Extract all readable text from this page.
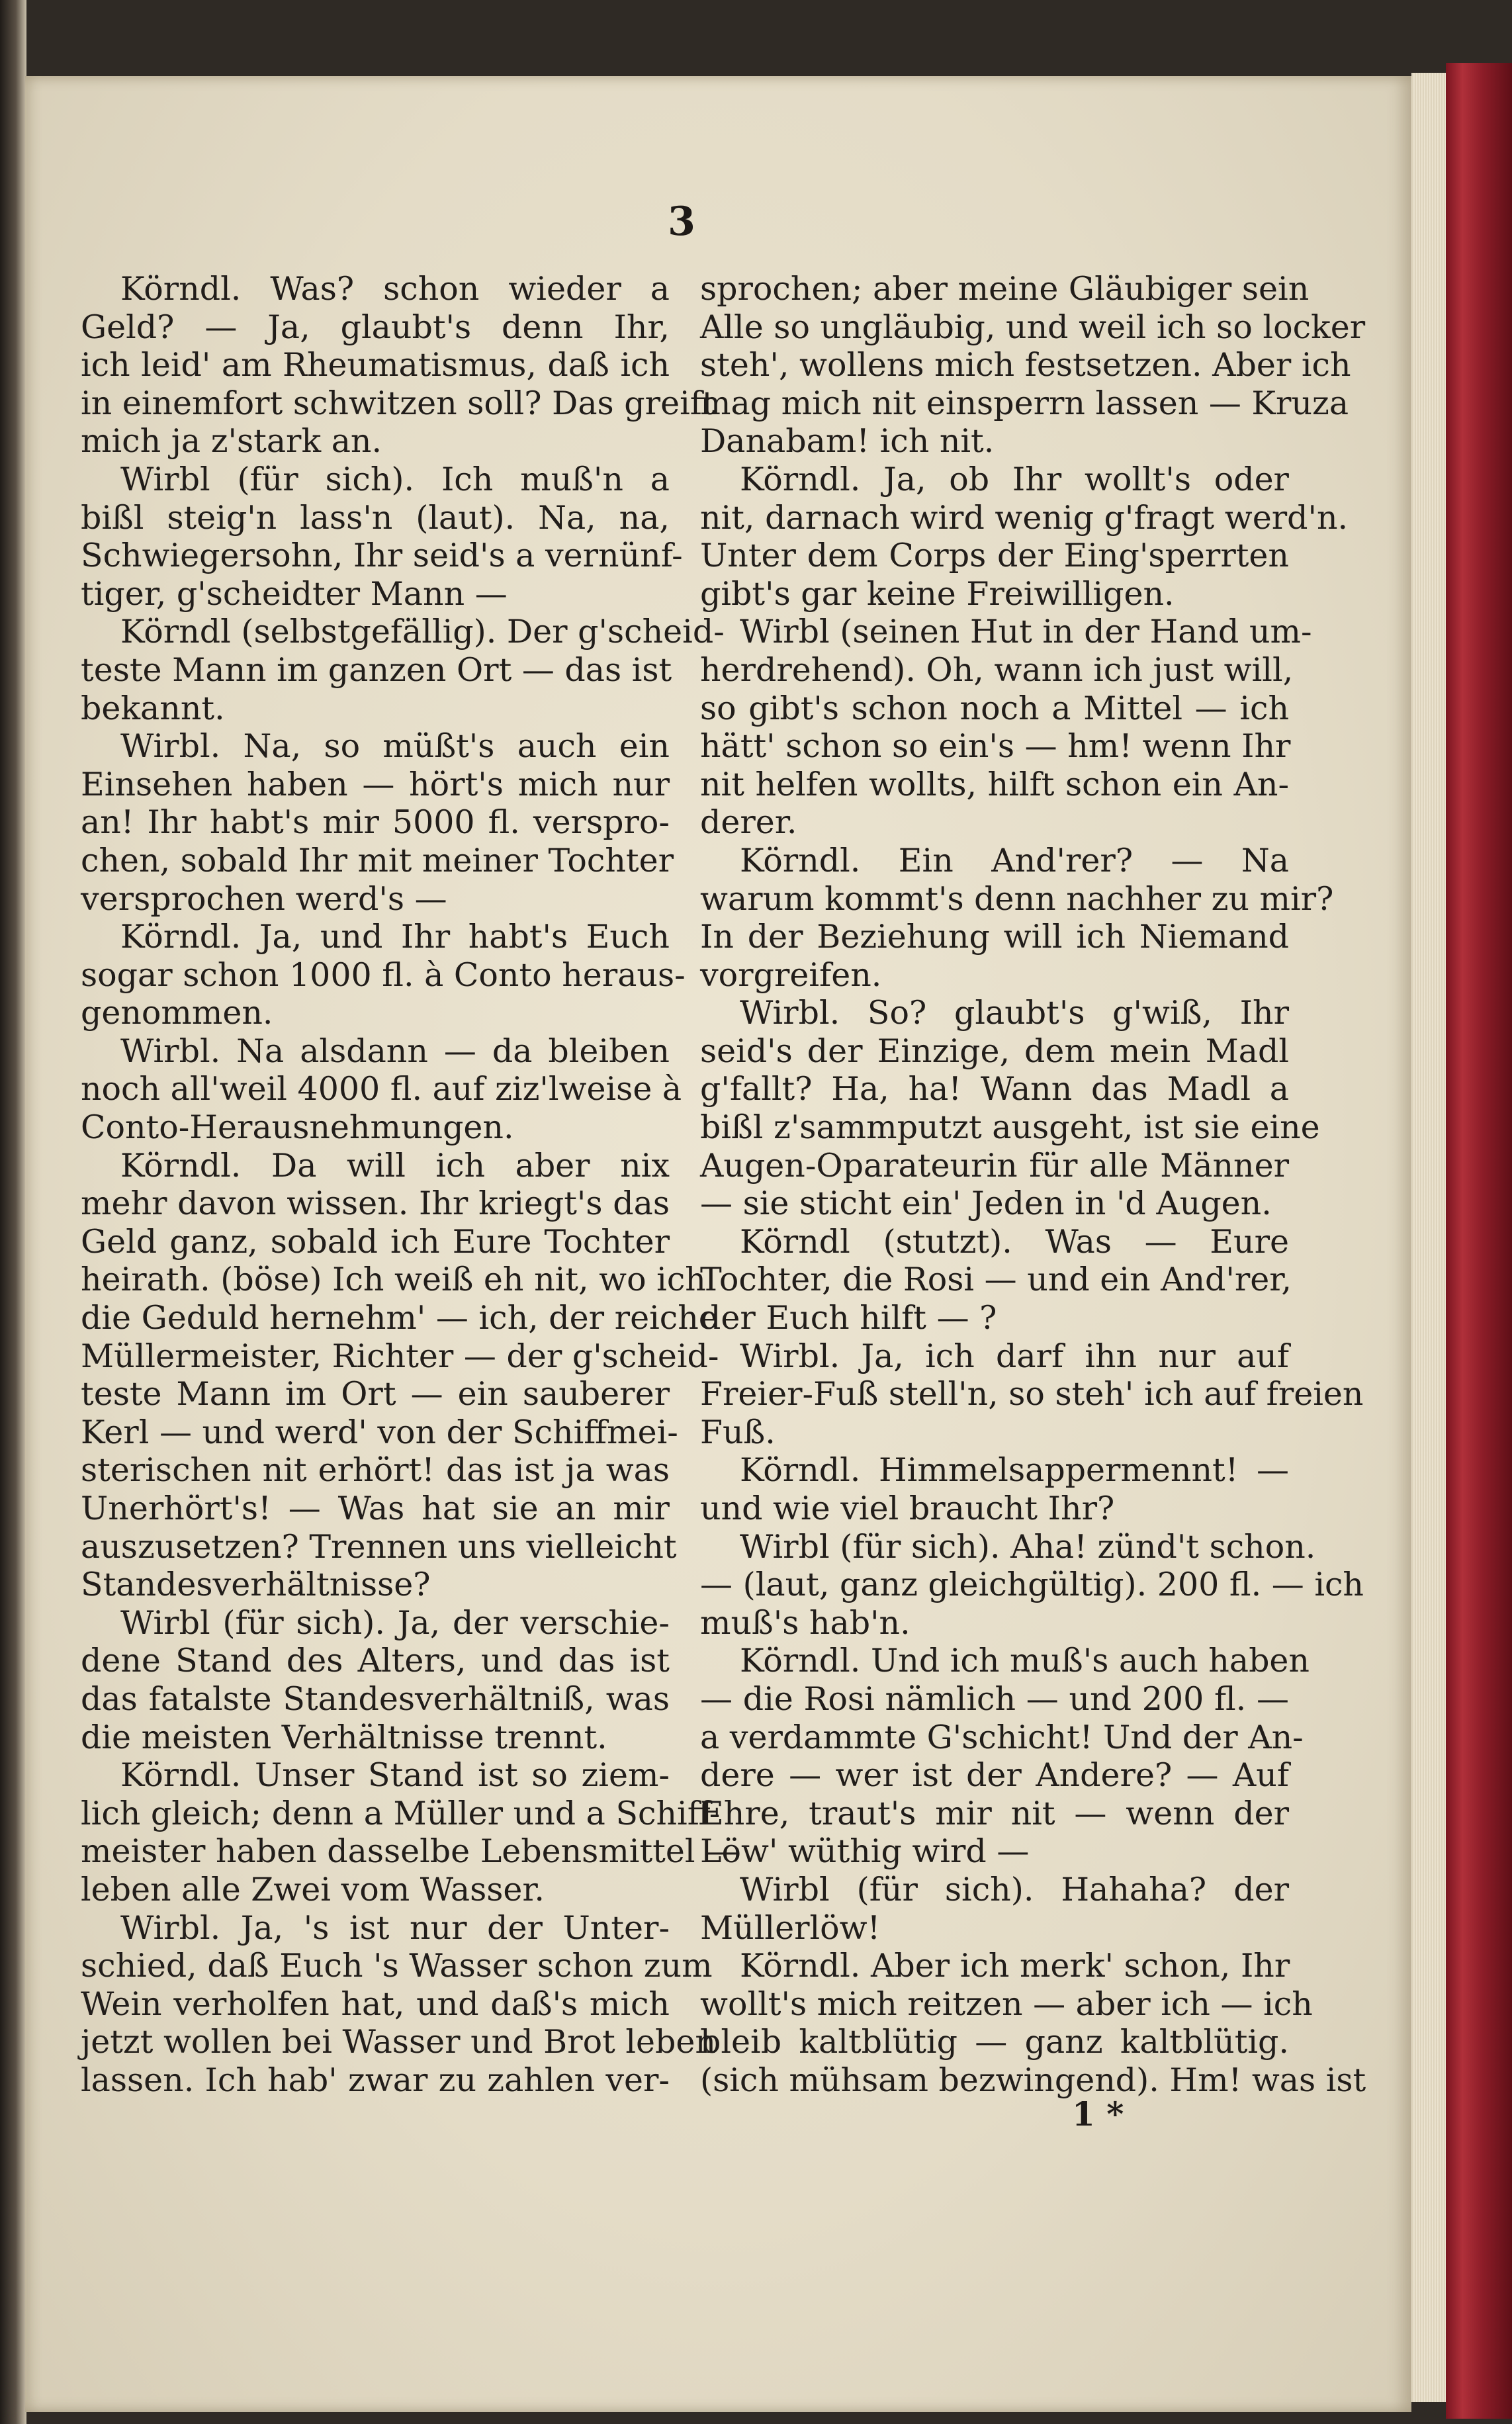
3
Körndl. Was? schon wieder a
Geld? — Ja, glaubt's denn Ihr,
ich leid' am Rheumatismus, daß ich
in einemfort schwitzen soll? Das greift
mich ja z'stark an.
Wirbl (für sich). Ich muß'n a
bißl steig'n lass'n (laut). Na, na,
Schwiegersohn, Ihr seid's a vernünf-
tiger, g'scheidter Mann —
Körndl (selbstgefällig). Der g'scheid-
teste Mann im ganzen Ort — das ist
bekannt.
Wirbl. Na, so müßt's auch ein
Einsehen haben — hört's mich nur
an! Ihr habt's mir 5000 fl. verspro-
chen, sobald Ihr mit meiner Tochter
versprochen werd's —
Körndl. Ja, und Ihr habt's Euch
sogar schon 1000 fl. à Conto heraus-
genommen.
Wirbl. Na alsdann — da bleiben
noch all'weil 4000 fl. auf ziz'lweise à
Conto-Herausnehmungen.
Körndl. Da will ich aber nix
mehr davon wissen. Ihr kriegt's das
Geld ganz, sobald ich Eure Tochter
heirath. (böse) Ich weiß eh nit, wo ich
die Geduld hernehm' — ich, der reiche
Müllermeister, Richter — der g'scheid-
teste Mann im Ort — ein sauberer
Kerl — und werd' von der Schiffmei-
sterischen nit erhört! das ist ja was
Unerhört's! — Was hat sie an mir
auszusetzen? Trennen uns vielleicht
Standesverhältnisse?
Wirbl (für sich). Ja, der verschie-
dene Stand des Alters, und das ist
das fatalste Standesverhältniß, was
die meisten Verhältnisse trennt.
Körndl. Unser Stand ist so ziem-
lich gleich; denn a Müller und a Schiff-
meister haben dasselbe Lebensmittel —
leben alle Zwei vom Wasser.
Wirbl. Ja, 's ist nur der Unter-
schied, daß Euch 's Wasser schon zum
Wein verholfen hat, und daß's mich
jetzt wollen bei Wasser und Brot leben
lassen. Ich hab' zwar zu zahlen ver-
sprochen; aber meine Gläubiger sein
Alle so ungläubig, und weil ich so locker
steh', wollens mich festsetzen. Aber ich
mag mich nit einsperrn lassen — Kruza
Danabam! ich nit.
Körndl. Ja, ob Ihr wollt's oder
nit, darnach wird wenig g'fragt werd'n.
Unter dem Corps der Eing'sperrten
gibt's gar keine Freiwilligen.
Wirbl (seinen Hut in der Hand um-
herdrehend). Oh, wann ich just will,
so gibt's schon noch a Mittel — ich
hätt' schon so ein's — hm! wenn Ihr
nit helfen wollts, hilft schon ein An-
derer.
Körndl. Ein And'rer? — Na
warum kommt's denn nachher zu mir?
In der Beziehung will ich Niemand
vorgreifen.
Wirbl. So? glaubt's g'wiß, Ihr
seid's der Einzige, dem mein Madl
g'fallt? Ha, ha! Wann das Madl a
bißl z'sammputzt ausgeht, ist sie eine
Augen-Oparateurin für alle Männer
— sie sticht ein' Jeden in 'd Augen.
Körndl (stutzt). Was — Eure
Tochter, die Rosi — und ein And'rer,
der Euch hilft — ?
Wirbl. Ja, ich darf ihn nur auf
Freier-Fuß stell'n, so steh' ich auf freien
Fuß.
Körndl. Himmelsappermennt! —
und wie viel braucht Ihr?
Wirbl (für sich). Aha! zünd't schon.
— (laut, ganz gleichgültig). 200 fl. — ich
muß's hab'n.
Körndl. Und ich muß's auch haben
— die Rosi nämlich — und 200 fl. —
a verdammte G'schicht! Und der An-
dere — wer ist der Andere? — Auf
Ehre, traut's mir nit — wenn der
Löw' wüthig wird —
Wirbl (für sich). Hahaha? der
Müllerlöw!
Körndl. Aber ich merk' schon, Ihr
wollt's mich reitzen — aber ich — ich
bleib kaltblütig — ganz kaltblütig.
(sich mühsam bezwingend). Hm! was ist
1 *
